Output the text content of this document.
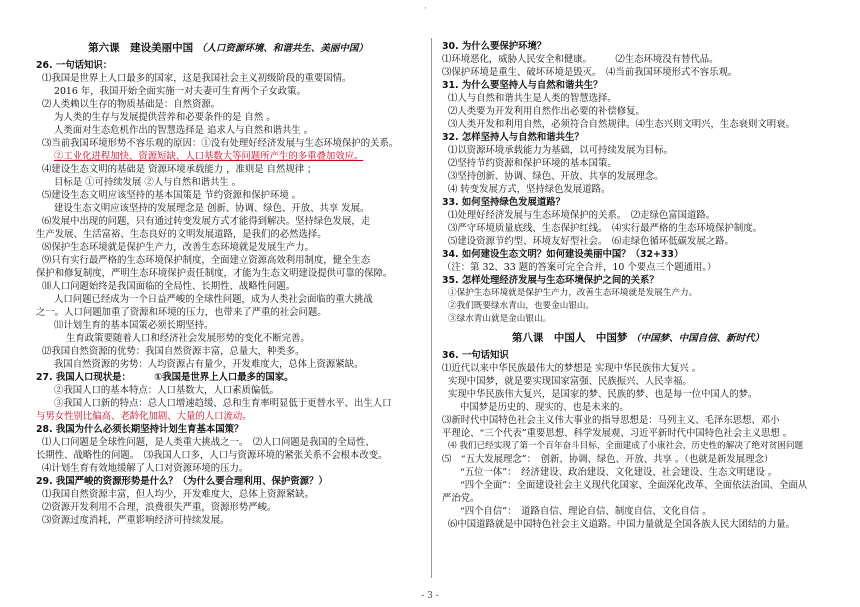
·
第六课　建设美丽中国 （人口资源环境、和谐共生、美丽中国）
26. 一句话知识：
⑴我国是世界上人口最多的国家，这是我国社会主义初级阶段的重要国情。
2016 年，我国开始全面实施一对夫妻可生育两个子女政策。
⑵人类赖以生存的物质基础是：自然资源。
为人类的生存与发展提供营养和必要条件的是 自然 。
人类面对生态危机作出的智慧选择是 追求人与自然和谐共生 。
⑶当前我国环境形势不容乐观的原因：①没有处理好经济发展与生态环境保护的关系。
②工业化进程加快、资源短缺、人口基数大等问题所产生的多重叠加效应。
⑷建设生态文明的基础是 资源环境承载能力 ，准则是 自然规律 ；
目标是 ①可持续发展 ②人与自然和谐共生 。
⑸建设生态文明应该坚持的基本国策是 节约资源和保护环境 。
建设生态文明应该坚持的发展理念是 创新、协调、绿色、开放、共享 发展。
⑹发展中出现的问题，只有通过转变发展方式才能得到解决。坚持绿色发展，走
生产发展、生活富裕、生态良好的文明发展道路，是我们的必然选择。
⑻保护生态环境就是保护生产力，改善生态环境就是发展生产力。
⑼只有实行最严格的生态环境保护制度，全面建立资源高效利用制度，健全生态
保护和修复制度，严明生态环境保护责任制度，才能为生态文明建设提供可靠的保障。
⑽人口问题始终是我国面临的全局性、长期性、战略性问题。
人口问题已经成为一个日益严峻的全球性问题，成为人类社会面临的重大挑战
之一。人口问题加重了资源和环境的压力，也带来了严重的社会问题。
⑾计划生育的基本国策必须长期坚持。
生育政策要随着人口和经济社会发展形势的变化不断完善。
⑿我国自然资源的优势：我国自然资源丰富，总量大，种类多。
我国自然资源的劣势：人均资源占有量少，开发难度大，总体上资源紧缺。
27. 我国人口现状是：　　　①我国是世界上人口最多的国家。
②我国人口的基本特点：人口基数大，人口素质偏低。
③我国人口新的特点：总人口增速趋缓、总和生育率明显低于更替水平、出生人口
与男女性别比偏高、老龄化加剧、大量的人口流动。
28. 我国为什么必须长期坚持计划生育基本国策？
⑴人口问题是全球性问题，是人类重大挑战之一。　⑵人口问题是我国的全局性、
长期性、战略性的问题。　⑶我国人口多，人口与资源环境的紧张关系不会根本改变。
⑷计划生育有效地缓解了人口对资源环境的压力。
29. 我国严峻的资源形势是什么？（为什么要合理利用、保护资源？）
⑴我国自然资源丰富，但人均少，开发难度大，总体上资源紧缺。
⑵资源开发利用不合理，浪费很失严重，资源形势严峻。
⑶资源过度消耗，严重影响经济可持续发展。
30. 为什么要保护环境？
⑴环境恶化，威胁人民安全和健康。　　　⑵生态环境没有替代品。
⑶保护环境是重生、破坏环境是毁灭。　⑷当前我国环境形式不容乐观。
31. 为什么要坚持人与自然和谐共生？
⑴人与自然和谐共生是人类的智慧选择。
⑵人类要为开发利用自然作出必要的补偿修复。
⑶人类开发和利用自然，必须符合自然规律。⑷生态兴则文明兴，生态衰则文明衰。
32. 怎样坚持人与自然和谐共生？
⑴以资源环境承载能力为基础，以可持续发展为目标。
⑵坚持节约资源和保护环境的基本国策。
⑶坚持创新、协调、绿色、开放、共享的发展理念。
⑷ 转变发展方式，坚持绿色发展道路。
33. 如何坚持绿色发展道路？
⑴处理好经济发展与生态环境保护的关系。　⑵走绿色富国道路。
⑶严守环境质量底线、生态保护红线。　⑷实行最严格的生态环境保护制度。
⑸建设资源节约型、环境友好型社会。　⑹走绿色循环低碳发展之路。
34. 如何建设生态文明？如何建设美丽中国？（32+33）
（注：第 32、33 题的答案可完全合并，10 个要点三个题通用。）
35. 怎样处理经济发展与生态环境保护之间的关系？
①保护生态环境就是保护生产力，改善生态环境就是发展生产力。
②我们既要绿水青山，也要金山银山。
③绿水青山就是金山银山。
第八课　中国人　中国梦 （中国梦、中国自信、新时代）
36. 一句话知识
⑴近代以来中华民族最伟大的梦想是 实现中华民族伟大复兴 。
实现中国梦，就是要实现国家富强、民族振兴、人民幸福。
实现中华民族伟大复兴，是国家的梦、民族的梦、也是每一位中国人的梦。
中国梦是历史的、现实的、也是未来的。
⑶新时代中国特色社会主义伟大事业的指导思想是：马列主义、毛泽东思想、邓小
平理论、“三个代表”重要思想、科学发展观、习近平新时代中国特色社会主义思想 。
⑷ 我们已经实现了第一个百年奋斗目标，全面建成了小康社会，历史性的解决了绝对贫困问题
⑸　“五大发展理念”：　创新、协调、绿色、开放、共享 。（也就是新发展理念）
“五位一体”：　经济建设、政治建设、文化建设、社会建设、生态文明建设 。
“四个全面”：全面建设社会主义现代化国家、全面深化改革、全面依法治国、全面从
严治党。
“四个自信”：　道路自信、理论自信、制度自信、文化自信 。
⑹中国道路就是中国特色社会主义道路。中国力量就是全国各族人民大团结的力量。
- 3 -
